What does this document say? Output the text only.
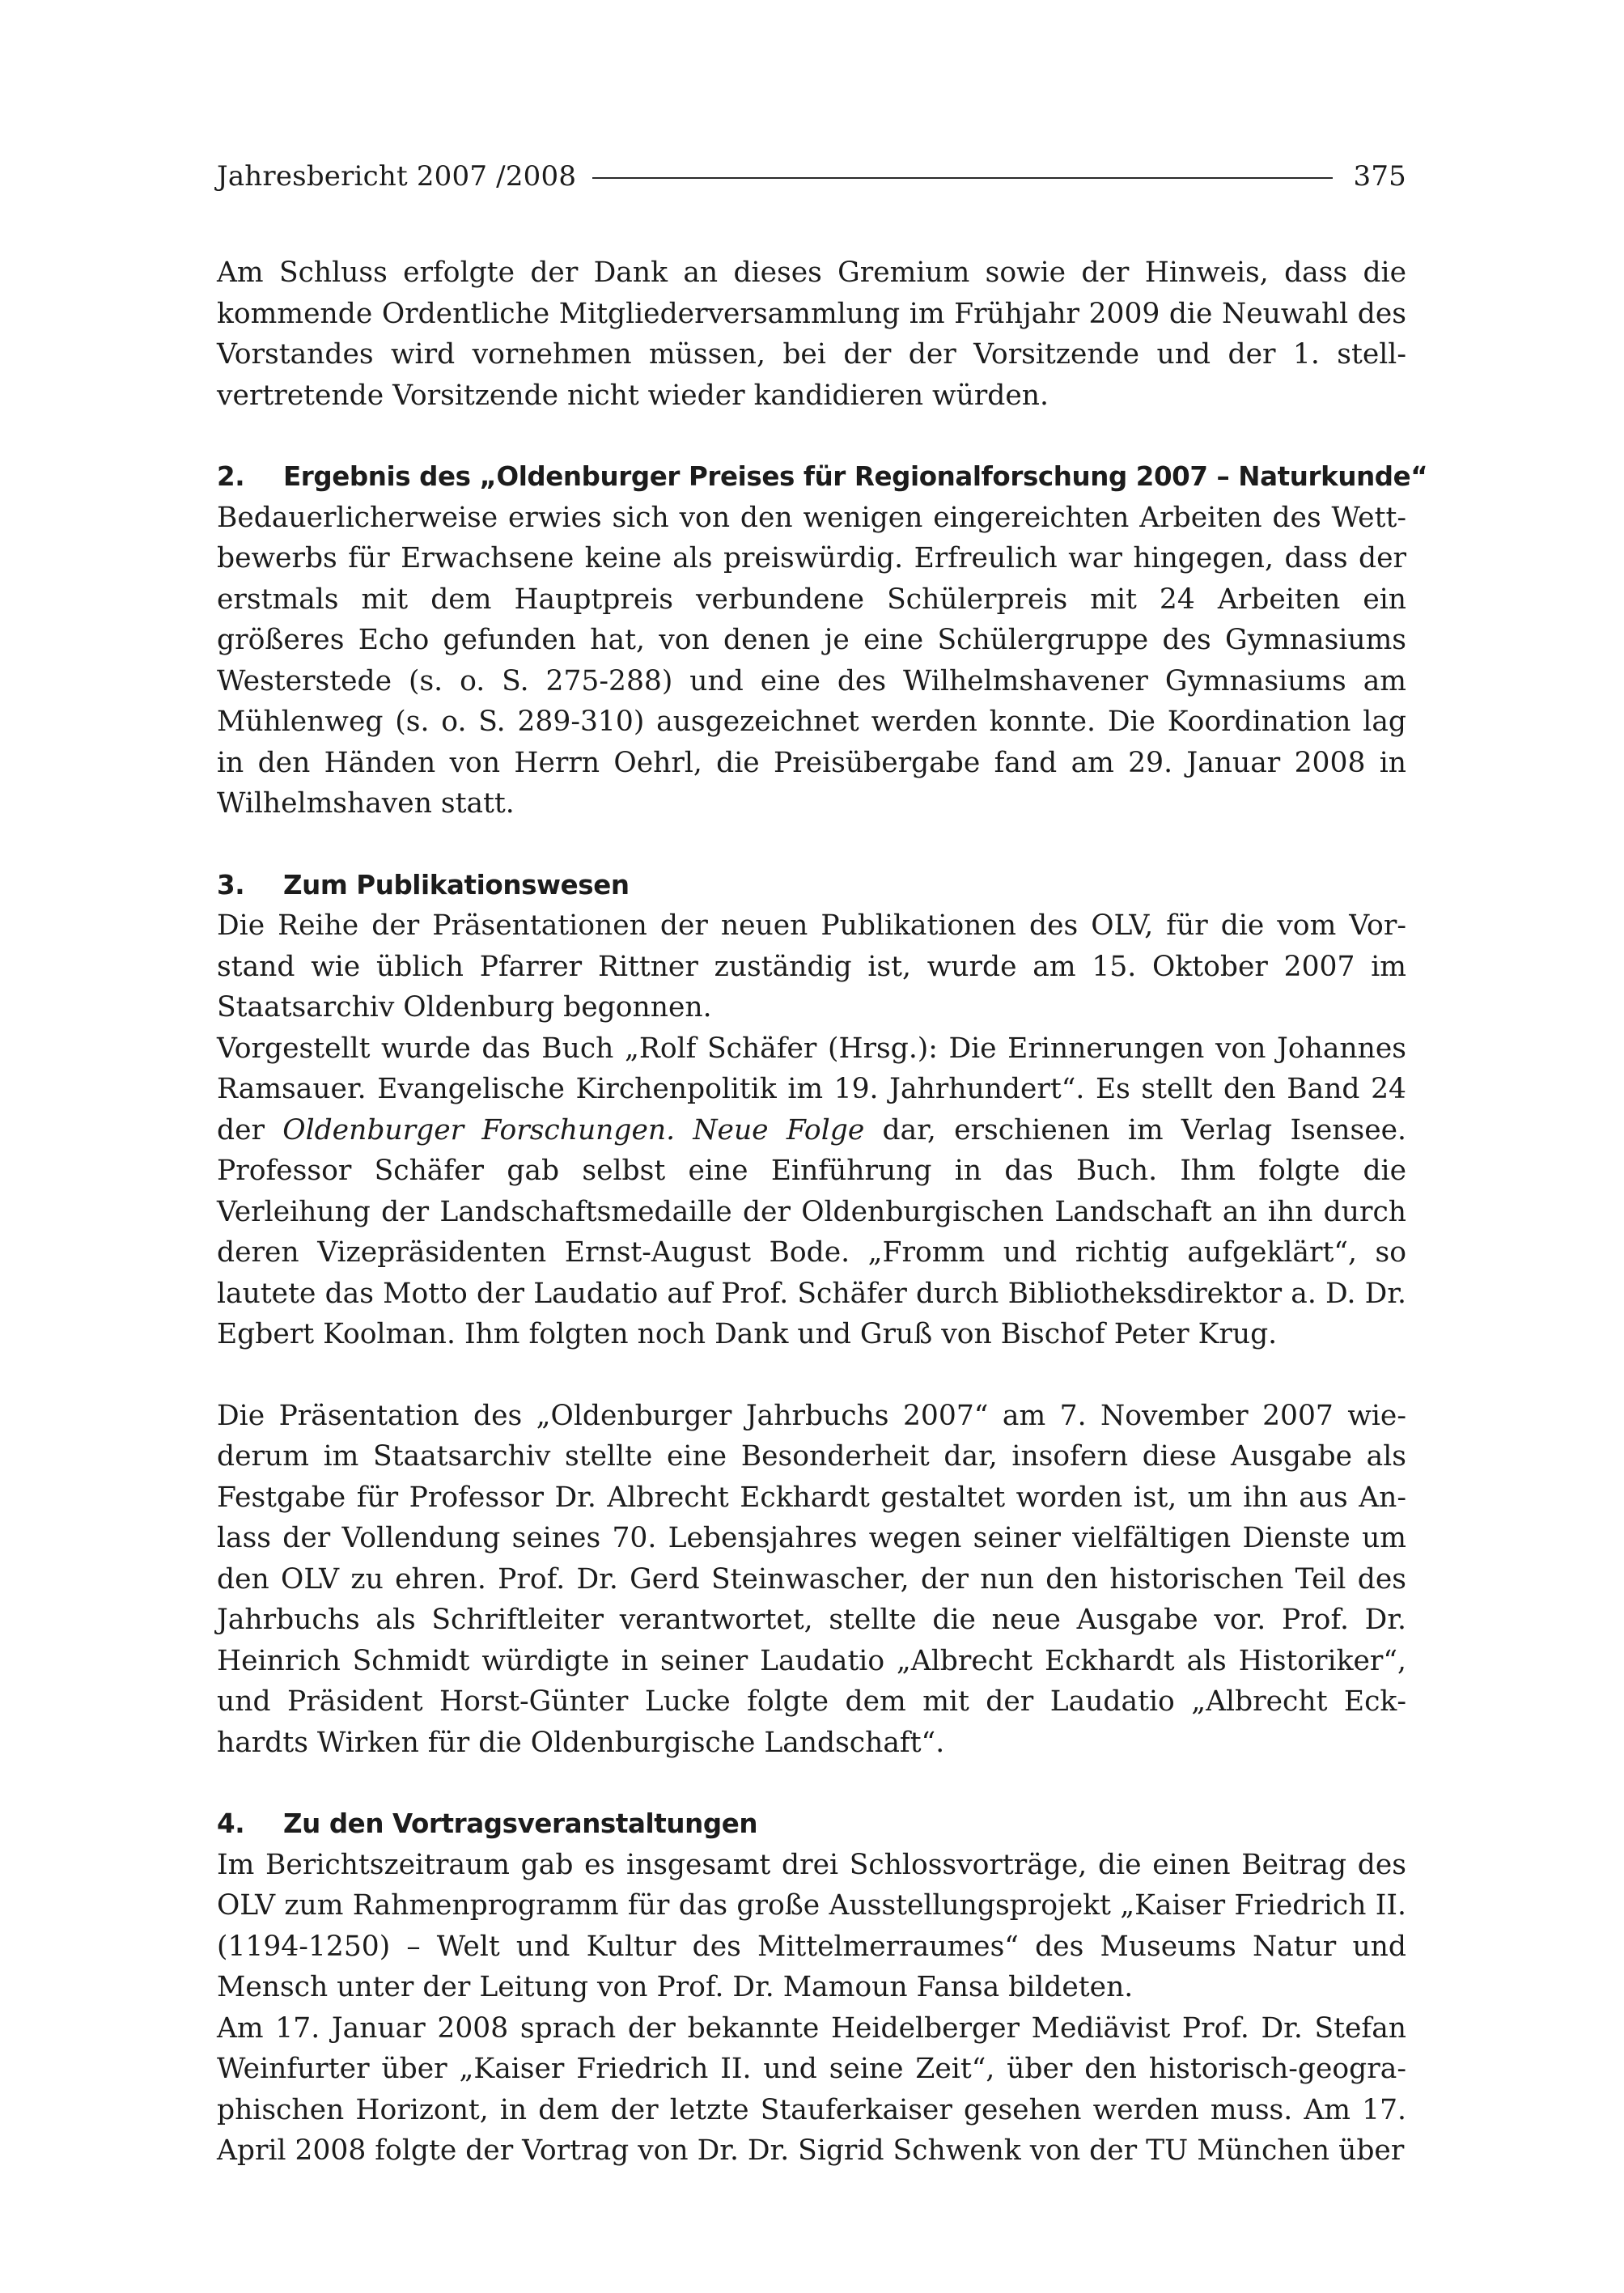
Jahresbericht 2007 /2008	375

Am Schluss erfolgte der Dank an dieses Gremium sowie der Hinweis, dass die kommende Ordentliche Mitgliederversammlung im Frühjahr 2009 die Neuwahl des Vorstandes wird vornehmen müssen, bei der der Vorsitzende und der 1. stellvertretende Vorsitzende nicht wieder kandidieren würden.

2. Ergebnis des „Oldenburger Preises für Regionalforschung 2007 – Naturkunde“

Bedauerlicherweise erwies sich von den wenigen eingereichten Arbeiten des Wettbewerbs für Erwachsene keine als preiswürdig. Erfreulich war hingegen, dass der erstmals mit dem Hauptpreis verbundene Schülerpreis mit 24 Arbeiten ein größeres Echo gefunden hat, von denen je eine Schülergruppe des Gymnasiums Westerstede (s. o. S. 275-288) und eine des Wilhelmshavener Gymnasiums am Mühlenweg (s. o. S. 289-310) ausgezeichnet werden konnte. Die Koordination lag in den Händen von Herrn Oehrl, die Preisübergabe fand am 29. Januar 2008 in Wilhelmshaven statt.

3. Zum Publikationswesen

Die Reihe der Präsentationen der neuen Publikationen des OLV, für die vom Vorstand wie üblich Pfarrer Rittner zuständig ist, wurde am 15. Oktober 2007 im Staatsarchiv Oldenburg begonnen.

Vorgestellt wurde das Buch „Rolf Schäfer (Hrsg.): Die Erinnerungen von Johannes Ramsauer. Evangelische Kirchenpolitik im 19. Jahrhundert“. Es stellt den Band 24 der Oldenburger Forschungen. Neue Folge dar, erschienen im Verlag Isensee. Professor Schäfer gab selbst eine Einführung in das Buch. Ihm folgte die Verleihung der Landschaftsmedaille der Oldenburgischen Landschaft an ihn durch deren Vizepräsidenten Ernst-August Bode. „Fromm und richtig aufgeklärt“, so lautete das Motto der Laudatio auf Prof. Schäfer durch Bibliotheksdirektor a. D. Dr. Egbert Koolman. Ihm folgten noch Dank und Gruß von Bischof Peter Krug.

Die Präsentation des „Oldenburger Jahrbuchs 2007“ am 7. November 2007 wiederum im Staatsarchiv stellte eine Besonderheit dar, insofern diese Ausgabe als Festgabe für Professor Dr. Albrecht Eckhardt gestaltet worden ist, um ihn aus Anlass der Vollendung seines 70. Lebensjahres wegen seiner vielfältigen Dienste um den OLV zu ehren. Prof. Dr. Gerd Steinwascher, der nun den historischen Teil des Jahrbuchs als Schriftleiter verantwortet, stellte die neue Ausgabe vor. Prof. Dr. Heinrich Schmidt würdigte in seiner Laudatio „Albrecht Eckhardt als Historiker“, und Präsident Horst-Günter Lucke folgte dem mit der Laudatio „Albrecht Eckhardts Wirken für die Oldenburgische Landschaft“.

4. Zu den Vortragsveranstaltungen

Im Berichtszeitraum gab es insgesamt drei Schlossvorträge, die einen Beitrag des OLV zum Rahmenprogramm für das große Ausstellungsprojekt „Kaiser Friedrich II. (1194-1250) – Welt und Kultur des Mittelmerraumes“ des Museums Natur und Mensch unter der Leitung von Prof. Dr. Mamoun Fansa bildeten.

Am 17. Januar 2008 sprach der bekannte Heidelberger Mediävist Prof. Dr. Stefan Weinfurter über „Kaiser Friedrich II. und seine Zeit“, über den historisch-geographischen Horizont, in dem der letzte Stauferkaiser gesehen werden muss. Am 17. April 2008 folgte der Vortrag von Dr. Dr. Sigrid Schwenk von der TU München über
